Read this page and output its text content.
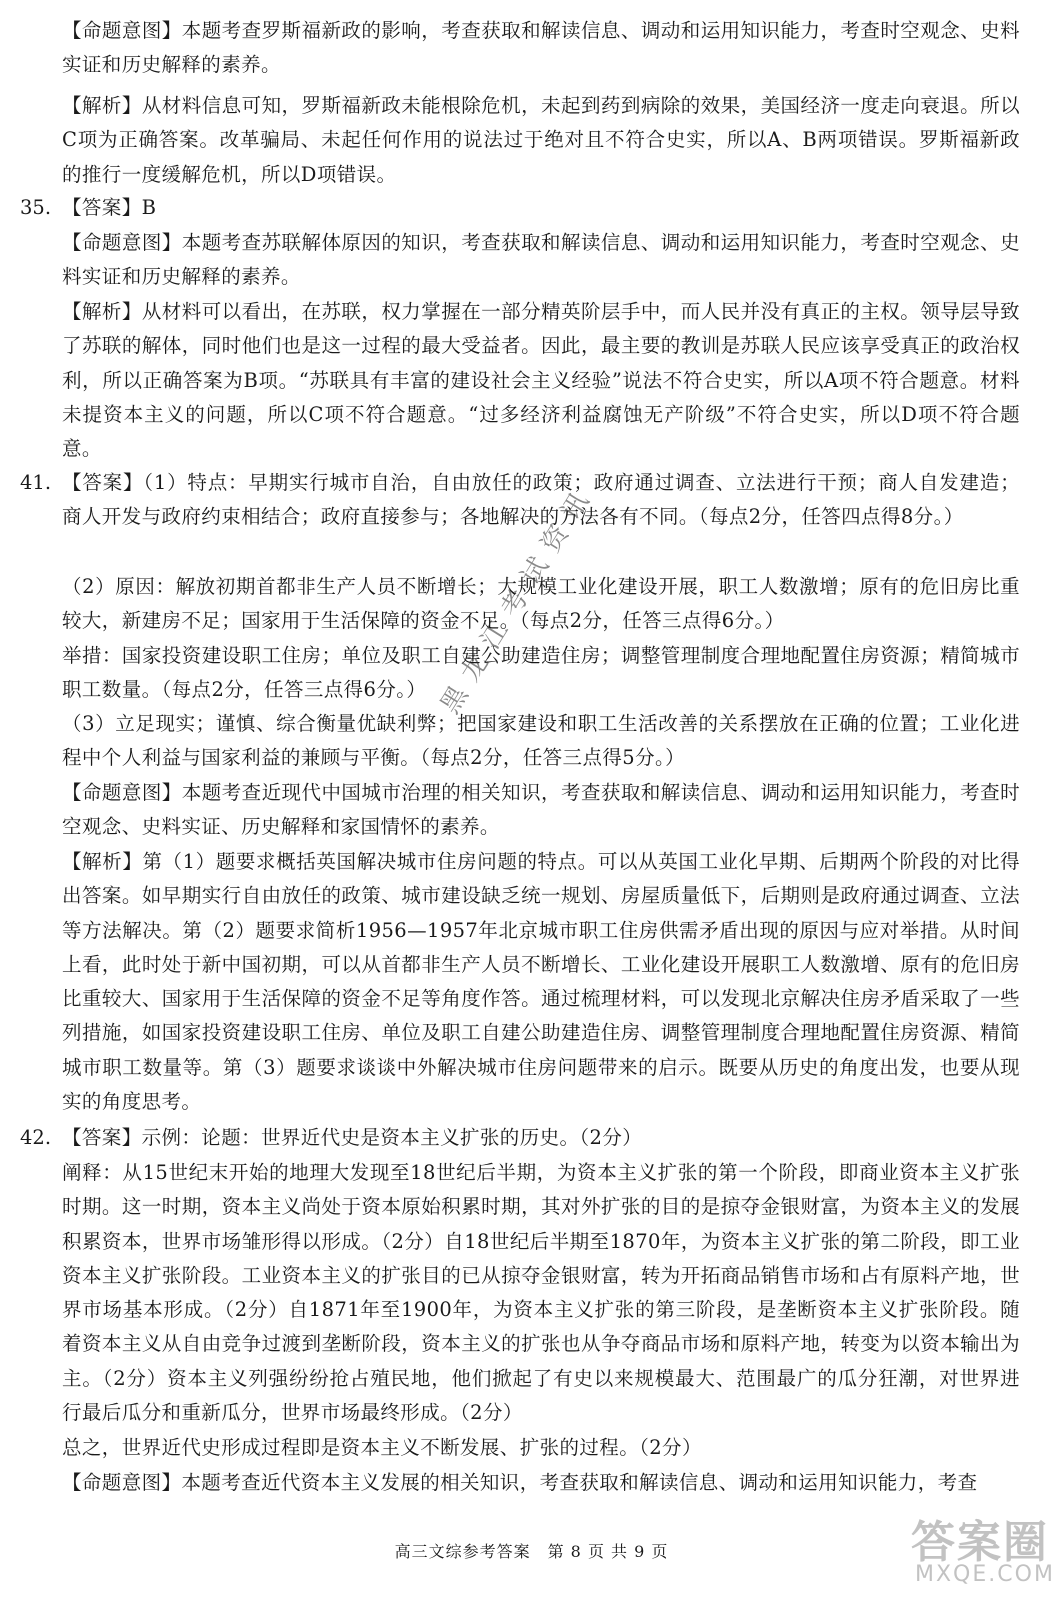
【命题意图】本题考查罗斯福新政的影响，考查获取和解读信息、调动和运用知识能力，考查时空观念、史料实证和历史解释的素养。

【解析】从材料信息可知，罗斯福新政未能根除危机，未起到药到病除的效果，美国经济一度走向衰退。所以C项为正确答案。改革骗局、未起任何作用的说法过于绝对且不符合史实，所以A、B两项错误。罗斯福新政的推行一度缓解危机，所以D项错误。

35. 【答案】B

【命题意图】本题考查苏联解体原因的知识，考查获取和解读信息、调动和运用知识能力，考查时空观念、史料实证和历史解释的素养。

【解析】从材料可以看出，在苏联，权力掌握在一部分精英阶层手中，而人民并没有真正的主权。领导层导致了苏联的解体，同时他们也是这一过程的最大受益者。因此，最主要的教训是苏联人民应该享受真正的政治权利，所以正确答案为B项。“苏联具有丰富的建设社会主义经验”说法不符合史实，所以A项不符合题意。材料未提资本主义的问题，所以C项不符合题意。“过多经济利益腐蚀无产阶级”不符合史实，所以D项不符合题意。

41. 【答案】（1）特点：早期实行城市自治，自由放任的政策；政府通过调查、立法进行干预；商人自发建造；商人开发与政府约束相结合；政府直接参与；各地解决的方法各有不同。（每点2分，任答四点得8分。）

（2）原因：解放初期首都非生产人员不断增长；大规模工业化建设开展，职工人数激增；原有的危旧房比重较大，新建房不足；国家用于生活保障的资金不足。（每点2分，任答三点得6分。）

举措：国家投资建设职工住房；单位及职工自建公助建造住房；调整管理制度合理地配置住房资源；精简城市职工数量。（每点2分，任答三点得6分。）

（3）立足现实；谨慎、综合衡量优缺利弊；把国家建设和职工生活改善的关系摆放在正确的位置；工业化进程中个人利益与国家利益的兼顾与平衡。（每点2分，任答三点得5分。）

【命题意图】本题考查近现代中国城市治理的相关知识，考查获取和解读信息、调动和运用知识能力，考查时空观念、史料实证、历史解释和家国情怀的素养。

【解析】第（1）题要求概括英国解决城市住房问题的特点。可以从英国工业化早期、后期两个阶段的对比得出答案。如早期实行自由放任的政策、城市建设缺乏统一规划、房屋质量低下，后期则是政府通过调查、立法等方法解决。第（2）题要求简析1956—1957年北京城市职工住房供需矛盾出现的原因与应对举措。从时间上看，此时处于新中国初期，可以从首都非生产人员不断增长、工业化建设开展职工人数激增、原有的危旧房比重较大、国家用于生活保障的资金不足等角度作答。通过梳理材料，可以发现北京解决住房矛盾采取了一些列措施，如国家投资建设职工住房、单位及职工自建公助建造住房、调整管理制度合理地配置住房资源、精简城市职工数量等。第（3）题要求谈谈中外解决城市住房问题带来的启示。既要从历史的角度出发，也要从现实的角度思考。

42. 【答案】示例：论题：世界近代史是资本主义扩张的历史。（2分）

阐释：从15世纪末开始的地理大发现至18世纪后半期，为资本主义扩张的第一个阶段，即商业资本主义扩张时期。这一时期，资本主义尚处于资本原始积累时期，其对外扩张的目的是掠夺金银财富，为资本主义的发展积累资本，世界市场雏形得以形成。（2分）自18世纪后半期至1870年，为资本主义扩张的第二阶段，即工业资本主义扩张阶段。工业资本主义的扩张目的已从掠夺金银财富，转为开拓商品销售市场和占有原料产地，世界市场基本形成。（2分）自1871年至1900年，为资本主义扩张的第三阶段，是垄断资本主义扩张阶段。随着资本主义从自由竞争过渡到垄断阶段，资本主义的扩张也从争夺商品市场和原料产地，转变为以资本输出为主。（2分）资本主义列强纷纷抢占殖民地，他们掀起了有史以来规模最大、范围最广的瓜分狂潮，对世界进行最后瓜分和重新瓜分，世界市场最终形成。（2分）

总之，世界近代史形成过程即是资本主义不断发展、扩张的过程。（2分）

【命题意图】本题考查近代资本主义发展的相关知识，考查获取和解读信息、调动和运用知识能力，考查

黑龙江考试资讯
答案圈
MXQE.COM
高三文综参考答案　第 8 页 共 9 页
